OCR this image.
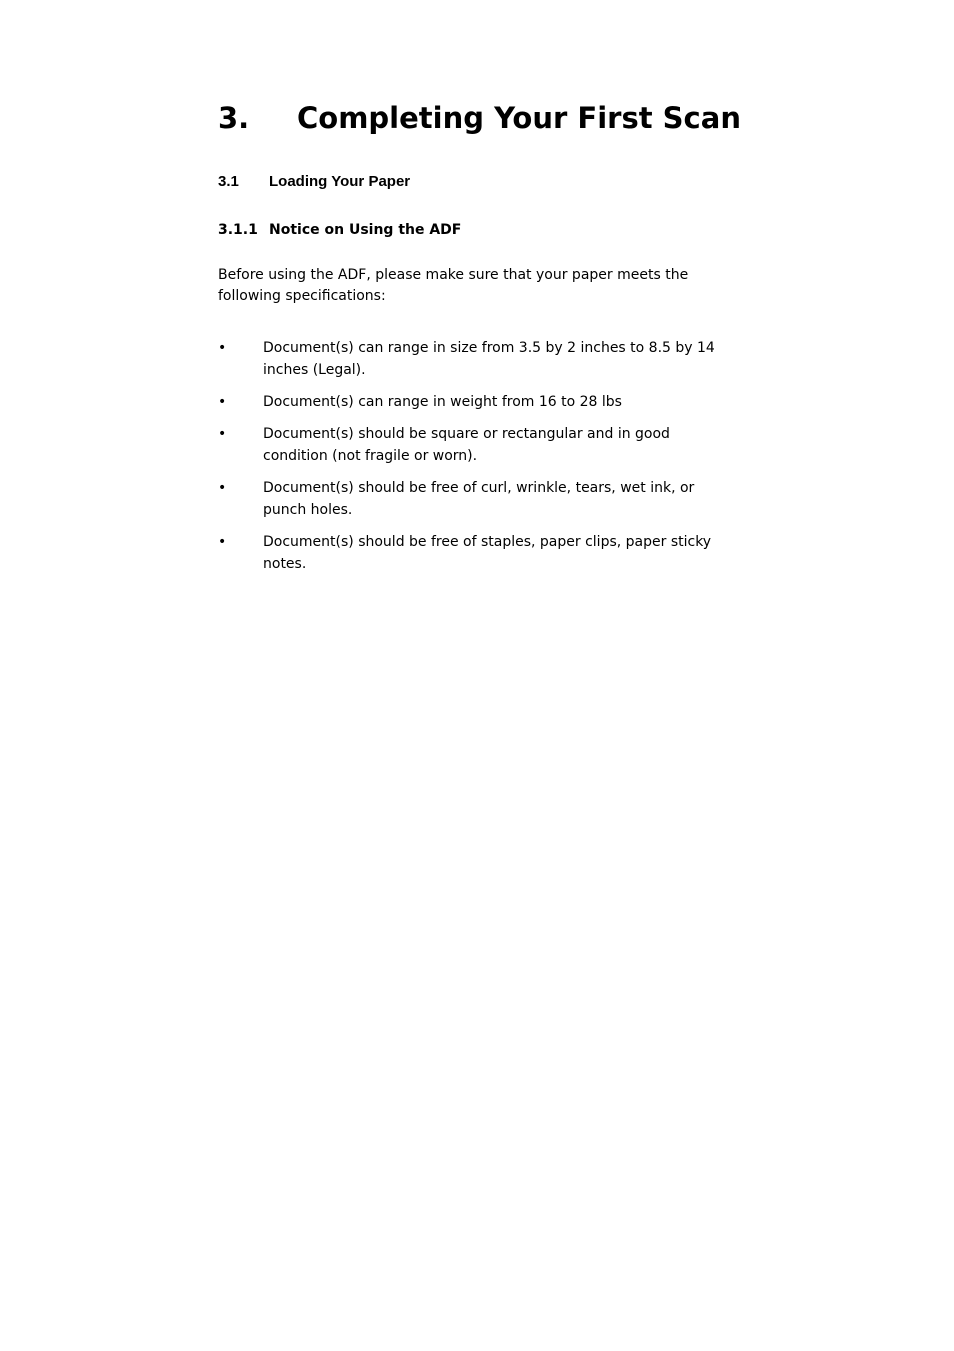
3. Completing Your First Scan
3.1 Loading Your Paper
3.1.1 Notice on Using the ADF

Before using the ADF, please make sure that your paper meets the following specifications:

•	Document(s) can range in size from 3.5 by 2 inches to 8.5 by 14 inches (Legal).
•	Document(s) can range in weight from 16 to 28 lbs
•	Document(s) should be square or rectangular and in good condition (not fragile or worn).
•	Document(s) should be free of curl, wrinkle, tears, wet ink, or punch holes.
•	Document(s) should be free of staples, paper clips, paper sticky notes.
